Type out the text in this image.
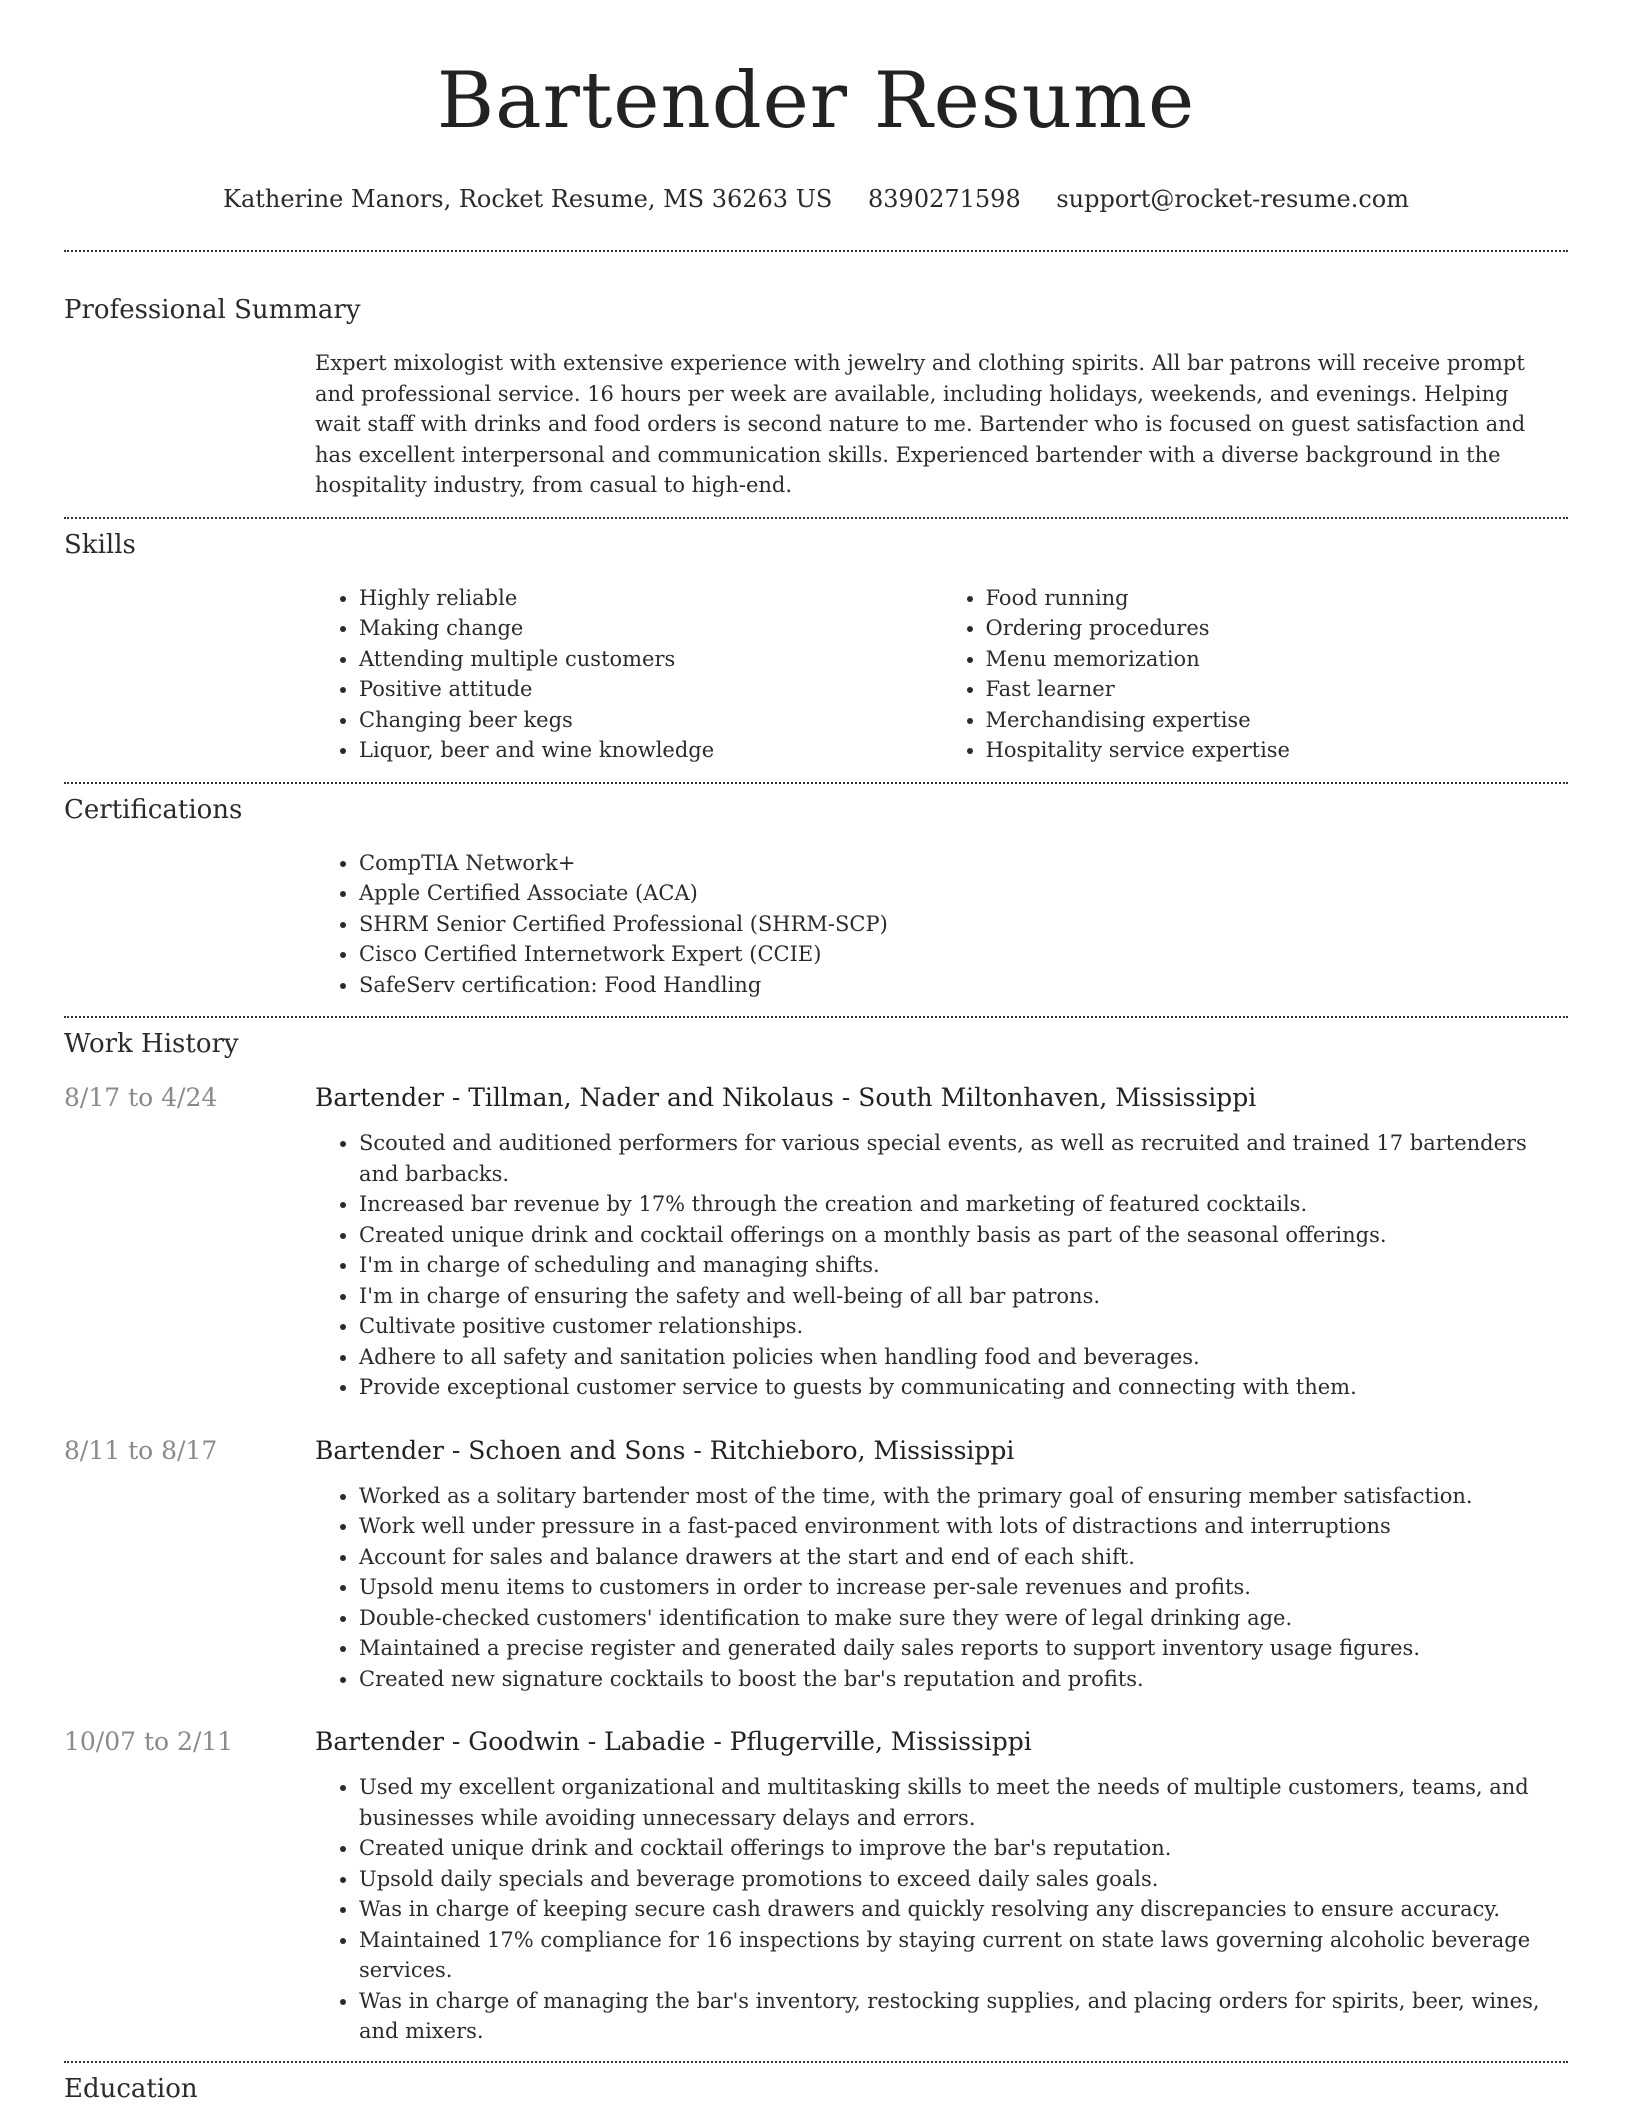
Bartender Resume
Katherine Manors, Rocket Resume, MS 36263 US 8390271598 support@rocket-resume.com
Professional Summary
Expert mixologist with extensive experience with jewelry and clothing spirits. All bar patrons will receive prompt and professional service. 16 hours per week are available, including holidays, weekends, and evenings. Helping wait staff with drinks and food orders is second nature to me. Bartender who is focused on guest satisfaction and has excellent interpersonal and communication skills. Experienced bartender with a diverse background in the hospitality industry, from casual to high-end.
Skills
• Highly reliable
• Making change
• Attending multiple customers
• Positive attitude
• Changing beer kegs
• Liquor, beer and wine knowledge
• Food running
• Ordering procedures
• Menu memorization
• Fast learner
• Merchandising expertise
• Hospitality service expertise
Certifications
• CompTIA Network+
• Apple Certified Associate (ACA)
• SHRM Senior Certified Professional (SHRM-SCP)
• Cisco Certified Internetwork Expert (CCIE)
• SafeServ certification: Food Handling
Work History
8/17 to 4/24	Bartender - Tillman, Nader and Nikolaus - South Miltonhaven, Mississippi
• Scouted and auditioned performers for various special events, as well as recruited and trained 17 bartenders and barbacks.
• Increased bar revenue by 17% through the creation and marketing of featured cocktails.
• Created unique drink and cocktail offerings on a monthly basis as part of the seasonal offerings.
• I'm in charge of scheduling and managing shifts.
• I'm in charge of ensuring the safety and well-being of all bar patrons.
• Cultivate positive customer relationships.
• Adhere to all safety and sanitation policies when handling food and beverages.
• Provide exceptional customer service to guests by communicating and connecting with them.
8/11 to 8/17	Bartender - Schoen and Sons - Ritchieboro, Mississippi
• Worked as a solitary bartender most of the time, with the primary goal of ensuring member satisfaction.
• Work well under pressure in a fast-paced environment with lots of distractions and interruptions
• Account for sales and balance drawers at the start and end of each shift.
• Upsold menu items to customers in order to increase per-sale revenues and profits.
• Double-checked customers' identification to make sure they were of legal drinking age.
• Maintained a precise register and generated daily sales reports to support inventory usage figures.
• Created new signature cocktails to boost the bar's reputation and profits.
10/07 to 2/11	Bartender - Goodwin - Labadie - Pflugerville, Mississippi
• Used my excellent organizational and multitasking skills to meet the needs of multiple customers, teams, and businesses while avoiding unnecessary delays and errors.
• Created unique drink and cocktail offerings to improve the bar's reputation.
• Upsold daily specials and beverage promotions to exceed daily sales goals.
• Was in charge of keeping secure cash drawers and quickly resolving any discrepancies to ensure accuracy.
• Maintained 17% compliance for 16 inspections by staying current on state laws governing alcoholic beverage services.
• Was in charge of managing the bar's inventory, restocking supplies, and placing orders for spirits, beer, wines, and mixers.
Education
